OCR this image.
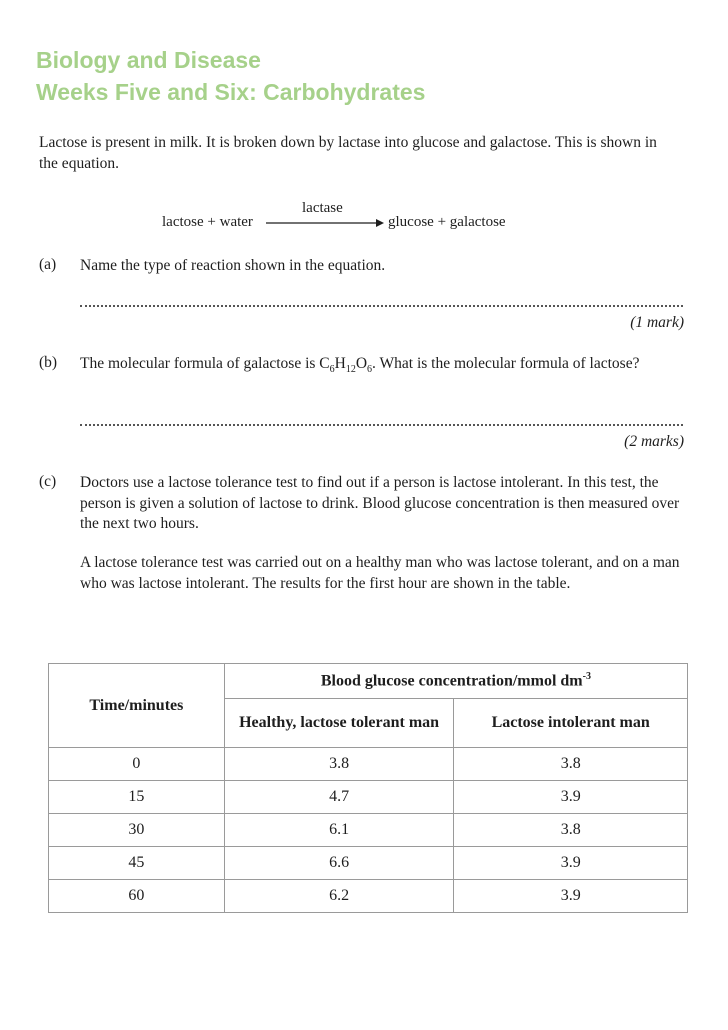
Biology and Disease
Weeks Five and Six: Carbohydrates
Lactose is present in milk. It is broken down by lactase into glucose and galactose. This is shown in the equation.
lactose + water
lactase
glucose + galactose
(a) Name the type of reaction shown in the equation.
(1 mark)
(b) The molecular formula of galactose is $C_6H_{12}O_6$. What is the molecular formula of lactose?
(2 marks)
(c) Doctors use a lactose tolerance test to find out if a person is lactose intolerant. In this test, the person is given a solution of lactose to drink. Blood glucose concentration is then measured over the next two hours.
A lactose tolerance test was carried out on a healthy man who was lactose tolerant, and on a man who was lactose intolerant. The results for the first hour are shown in the table.
Time/minutes	Blood glucose concentration/mmol $dm^{-3}$
	Healthy, lactose tolerant man	Lactose intolerant man
0	3.8	3.8
15	4.7	3.9
30	6.1	3.8
45	6.6	3.9
60	6.2	3.9
